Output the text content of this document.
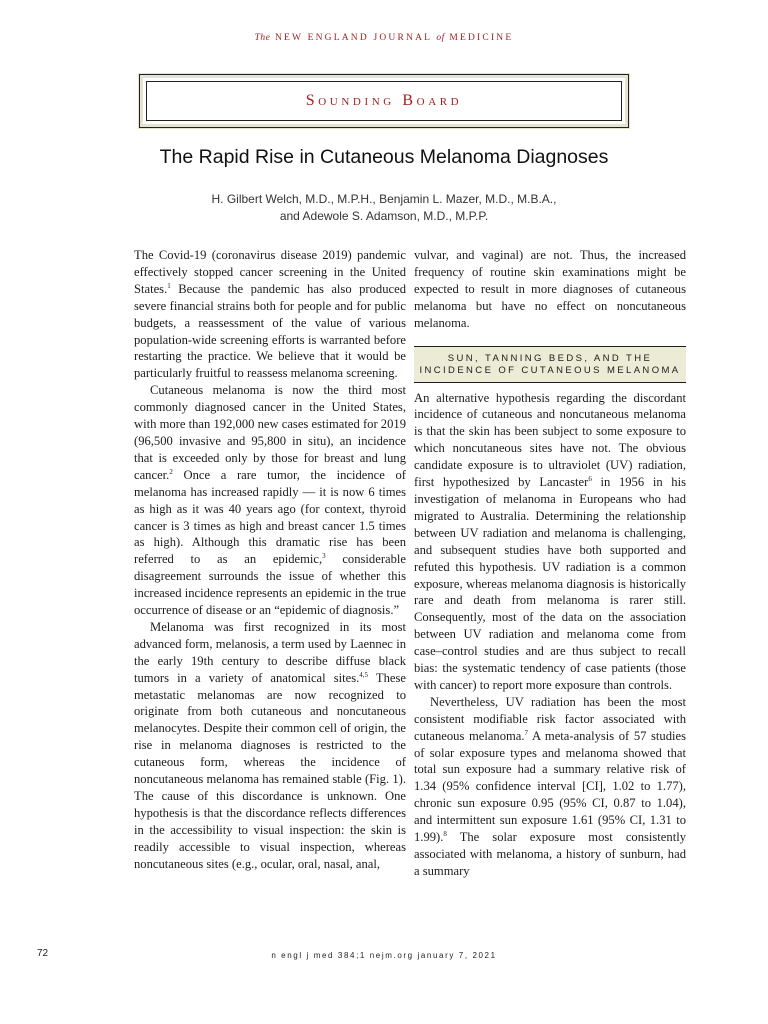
The NEW ENGLAND JOURNAL of MEDICINE
Sounding Board
The Rapid Rise in Cutaneous Melanoma Diagnoses
H. Gilbert Welch, M.D., M.P.H., Benjamin L. Mazer, M.D., M.B.A.,
and Adewole S. Adamson, M.D., M.P.P.

The Covid-19 (coronavirus disease 2019) pandemic effectively stopped cancer screening in the United States.$^1$ Because the pandemic has also produced severe financial strains both for people and for public budgets, a reassessment of the value of various population-wide screening efforts is warranted before restarting the practice. We believe that it would be particularly fruitful to reassess melanoma screening.

Cutaneous melanoma is now the third most commonly diagnosed cancer in the United States, with more than 192,000 new cases estimated for 2019 (96,500 invasive and 95,800 in situ), an incidence that is exceeded only by those for breast and lung cancer.$^2$ Once a rare tumor, the incidence of melanoma has increased rapidly — it is now 6 times as high as it was 40 years ago (for context, thyroid cancer is 3 times as high and breast cancer 1.5 times as high). Although this dramatic rise has been referred to as an epidemic,$^3$ considerable disagreement surrounds the issue of whether this increased incidence represents an epidemic in the true occurrence of disease or an “epidemic of diagnosis.”

Melanoma was first recognized in its most advanced form, melanosis, a term used by Laennec in the early 19th century to describe diffuse black tumors in a variety of anatomical sites.$^{4,5}$ These metastatic melanomas are now recognized to originate from both cutaneous and noncutaneous melanocytes. Despite their common cell of origin, the rise in melanoma diagnoses is restricted to the cutaneous form, whereas the incidence of noncutaneous melanoma has remained stable (Fig. 1). The cause of this discordance is unknown. One hypothesis is that the discordance reflects differences in the accessibility to visual inspection: the skin is readily accessible to visual inspection, whereas noncutaneous sites (e.g., ocular, oral, nasal, anal,

vulvar, and vaginal) are not. Thus, the increased frequency of routine skin examinations might be expected to result in more diagnoses of cutaneous melanoma but have no effect on noncutaneous melanoma.

SUN, TANNING BEDS, AND THE
INCIDENCE OF CUTANEOUS MELANOMA

An alternative hypothesis regarding the discordant incidence of cutaneous and noncutaneous melanoma is that the skin has been subject to some exposure to which noncutaneous sites have not. The obvious candidate exposure is to ultraviolet (UV) radiation, first hypothesized by Lancaster$^6$ in 1956 in his investigation of melanoma in Europeans who had migrated to Australia. Determining the relationship between UV radiation and melanoma is challenging, and subsequent studies have both supported and refuted this hypothesis. UV radiation is a common exposure, whereas melanoma diagnosis is historically rare and death from melanoma is rarer still. Consequently, most of the data on the association between UV radiation and melanoma come from case–control studies and are thus subject to recall bias: the systematic tendency of case patients (those with cancer) to report more exposure than controls.

Nevertheless, UV radiation has been the most consistent modifiable risk factor associated with cutaneous melanoma.$^7$ A meta-analysis of 57 studies of solar exposure types and melanoma showed that total sun exposure had a summary relative risk of 1.34 (95% confidence interval [CI], 1.02 to 1.77), chronic sun exposure 0.95 (95% CI, 0.87 to 1.04), and intermittent sun exposure 1.61 (95% CI, 1.31 to 1.99).$^8$ The solar exposure most consistently associated with melanoma, a history of sunburn, had a summary

72	n engl j med 384;1 nejm.org january 7, 2021
